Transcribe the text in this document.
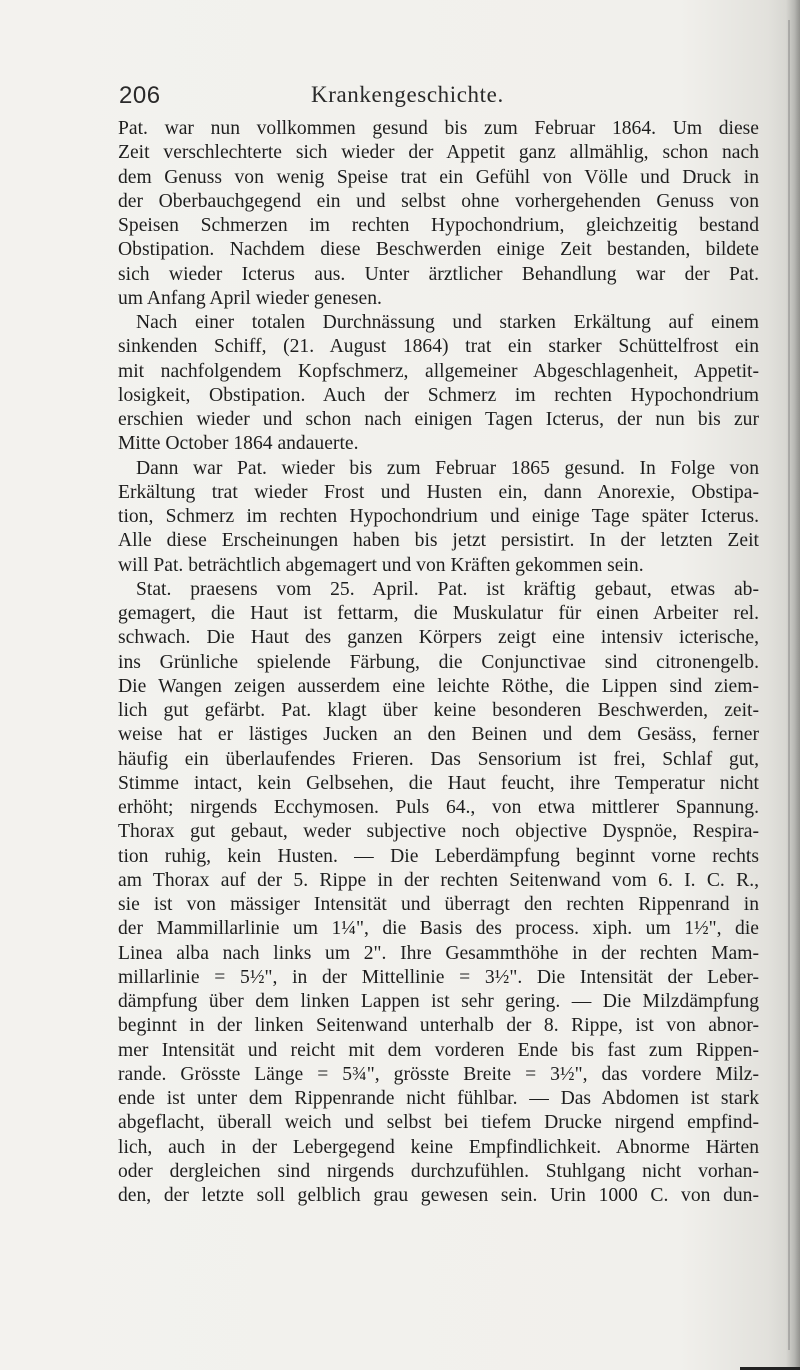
206	Krankengeschichte.
Pat. war nun vollkommen gesund bis zum Februar 1864. Um diese
Zeit verschlechterte sich wieder der Appetit ganz allmählig, schon nach
dem Genuss von wenig Speise trat ein Gefühl von Völle und Druck in
der Oberbauchgegend ein und selbst ohne vorhergehenden Genuss von
Speisen Schmerzen im rechten Hypochondrium, gleichzeitig bestand
Obstipation. Nachdem diese Beschwerden einige Zeit bestanden, bildete
sich wieder Icterus aus. Unter ärztlicher Behandlung war der Pat.
um Anfang April wieder genesen.
Nach einer totalen Durchnässung und starken Erkältung auf einem
sinkenden Schiff, (21. August 1864) trat ein starker Schüttelfrost ein
mit nachfolgendem Kopfschmerz, allgemeiner Abgeschlagenheit, Appetit-
losigkeit, Obstipation. Auch der Schmerz im rechten Hypochondrium
erschien wieder und schon nach einigen Tagen Icterus, der nun bis zur
Mitte October 1864 andauerte.
Dann war Pat. wieder bis zum Februar 1865 gesund. In Folge von
Erkältung trat wieder Frost und Husten ein, dann Anorexie, Obstipa-
tion, Schmerz im rechten Hypochondrium und einige Tage später Icterus.
Alle diese Erscheinungen haben bis jetzt persistirt. In der letzten Zeit
will Pat. beträchtlich abgemagert und von Kräften gekommen sein.
Stat. praesens vom 25. April. Pat. ist kräftig gebaut, etwas ab-
gemagert, die Haut ist fettarm, die Muskulatur für einen Arbeiter rel.
schwach. Die Haut des ganzen Körpers zeigt eine intensiv icterische,
ins Grünliche spielende Färbung, die Conjunctivae sind citronengelb.
Die Wangen zeigen ausserdem eine leichte Röthe, die Lippen sind ziem-
lich gut gefärbt. Pat. klagt über keine besonderen Beschwerden, zeit-
weise hat er lästiges Jucken an den Beinen und dem Gesäss, ferner
häufig ein überlaufendes Frieren. Das Sensorium ist frei, Schlaf gut,
Stimme intact, kein Gelbsehen, die Haut feucht, ihre Temperatur nicht
erhöht; nirgends Ecchymosen. Puls 64., von etwa mittlerer Spannung.
Thorax gut gebaut, weder subjective noch objective Dyspnöe, Respira-
tion ruhig, kein Husten. — Die Leberdämpfung beginnt vorne rechts
am Thorax auf der 5. Rippe in der rechten Seitenwand vom 6. I. C. R.,
sie ist von mässiger Intensität und überragt den rechten Rippenrand in
der Mammillarlinie um 1¼", die Basis des process. xiph. um 1½", die
Linea alba nach links um 2". Ihre Gesammthöhe in der rechten Mam-
millarlinie = 5½", in der Mittellinie = 3½". Die Intensität der Leber-
dämpfung über dem linken Lappen ist sehr gering. — Die Milzdämpfung
beginnt in der linken Seitenwand unterhalb der 8. Rippe, ist von abnor-
mer Intensität und reicht mit dem vorderen Ende bis fast zum Rippen-
rande. Grösste Länge = 5¾", grösste Breite = 3½", das vordere Milz-
ende ist unter dem Rippenrande nicht fühlbar. — Das Abdomen ist stark
abgeflacht, überall weich und selbst bei tiefem Drucke nirgend empfind-
lich, auch in der Lebergegend keine Empfindlichkeit. Abnorme Härten
oder dergleichen sind nirgends durchzufühlen. Stuhlgang nicht vorhan-
den, der letzte soll gelblich grau gewesen sein. Urin 1000 C. von dun-
